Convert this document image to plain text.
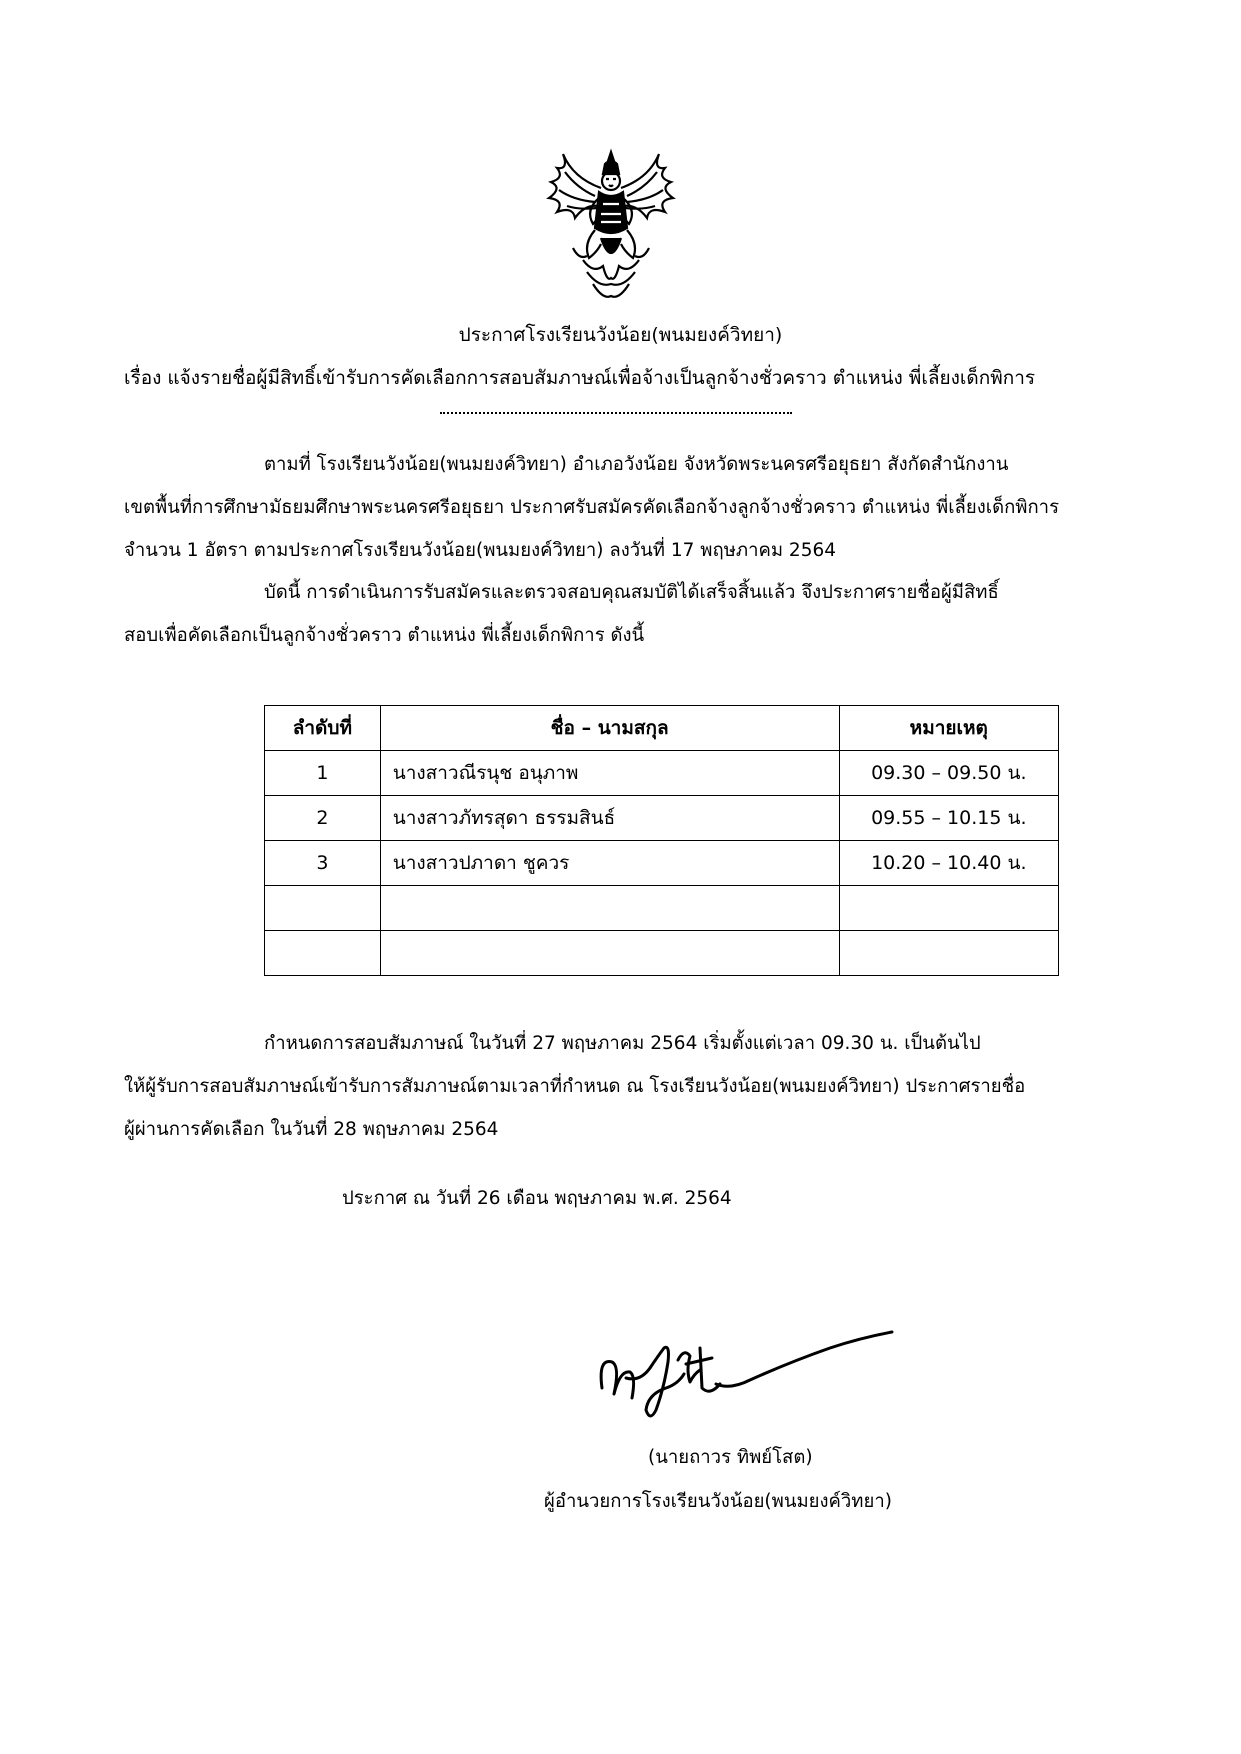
ประกาศโรงเรียนวังน้อย(พนมยงค์วิทยา)
เรื่อง แจ้งรายชื่อผู้มีสิทธิ์เข้ารับการคัดเลือกการสอบสัมภาษณ์เพื่อจ้างเป็นลูกจ้างชั่วคราว ตำแหน่ง พี่เลี้ยงเด็กพิการ
ตามที่ โรงเรียนวังน้อย(พนมยงค์วิทยา) อำเภอวังน้อย จังหวัดพระนครศรีอยุธยา สังกัดสำนักงาน
เขตพื้นที่การศึกษามัธยมศึกษาพระนครศรีอยุธยา ประกาศรับสมัครคัดเลือกจ้างลูกจ้างชั่วคราว ตำแหน่ง พี่เลี้ยงเด็กพิการ
จำนวน 1 อัตรา ตามประกาศโรงเรียนวังน้อย(พนมยงค์วิทยา) ลงวันที่ 17 พฤษภาคม 2564
บัดนี้ การดำเนินการรับสมัครและตรวจสอบคุณสมบัติได้เสร็จสิ้นแล้ว จึงประกาศรายชื่อผู้มีสิทธิ์
สอบเพื่อคัดเลือกเป็นลูกจ้างชั่วคราว ตำแหน่ง พี่เลี้ยงเด็กพิการ ดังนี้
ลำดับที่	ชื่อ – นามสกุล	หมายเหตุ
1	นางสาวณีรนุช อนุภาพ	09.30 – 09.50 น.
2	นางสาวภัทรสุดา ธรรมสินธ์	09.55 – 10.15 น.
3	นางสาวปภาดา ชูควร	10.20 – 10.40 น.

กำหนดการสอบสัมภาษณ์ ในวันที่ 27 พฤษภาคม 2564 เริ่มตั้งแต่เวลา 09.30 น. เป็นต้นไป
ให้ผู้รับการสอบสัมภาษณ์เข้ารับการสัมภาษณ์ตามเวลาที่กำหนด ณ โรงเรียนวังน้อย(พนมยงค์วิทยา) ประกาศรายชื่อ
ผู้ผ่านการคัดเลือก ในวันที่ 28 พฤษภาคม 2564
ประกาศ ณ วันที่ 26 เดือน พฤษภาคม พ.ศ. 2564
(นายถาวร ทิพย์โสต)
ผู้อำนวยการโรงเรียนวังน้อย(พนมยงค์วิทยา)
